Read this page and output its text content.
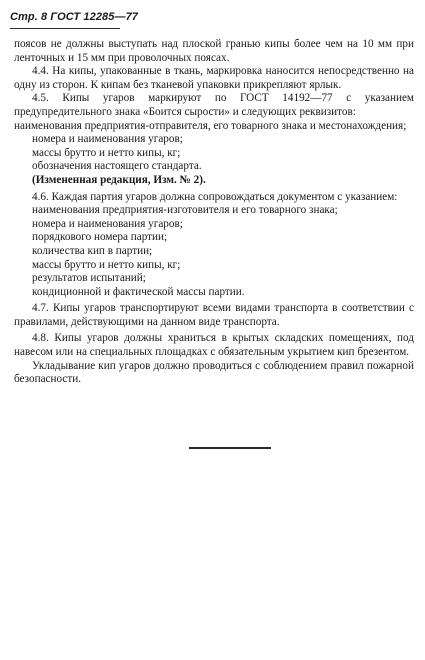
Стр. 8 ГОСТ 12285—77

поясов не должны выступать над плоской гранью кипы более чем на 10 мм при ленточных и 15 мм при проволочных поясах.

4.4. На кипы, упакованные в ткань, маркировка наносится непосредственно на одну из сторон. К кипам без тканевой упаковки прикрепляют ярлык.

4.5. Кипы угаров маркируют по ГОСТ 14192—77 с указанием предупредительного знака «Боится сырости» и следующих реквизитов:

наименования предприятия-отправителя, его товарного знака и местонахождения;

номера и наименования угаров;

массы брутто и нетто кипы, кг;

обозначения настоящего стандарта.

(Измененная редакция, Изм. № 2).

4.6. Каждая партия угаров должна сопровождаться документом с указанием:

наименования предприятия-изготовителя и его товарного знака;

номера и наименования угаров;

порядкового номера партии;

количества кип в партии;

массы брутто и нетто кипы, кг;

результатов испытаний;

кондиционной и фактической массы партии.

4.7. Кипы угаров транспортируют всеми видами транспорта в соответствии с правилами, действующими на данном виде транспорта.

4.8. Кипы угаров должны храниться в крытых складских помещениях, под навесом или на специальных площадках с обязательным укрытием кип брезентом.

Укладывание кип угаров должно проводиться с соблюдением правил пожарной безопасности.
